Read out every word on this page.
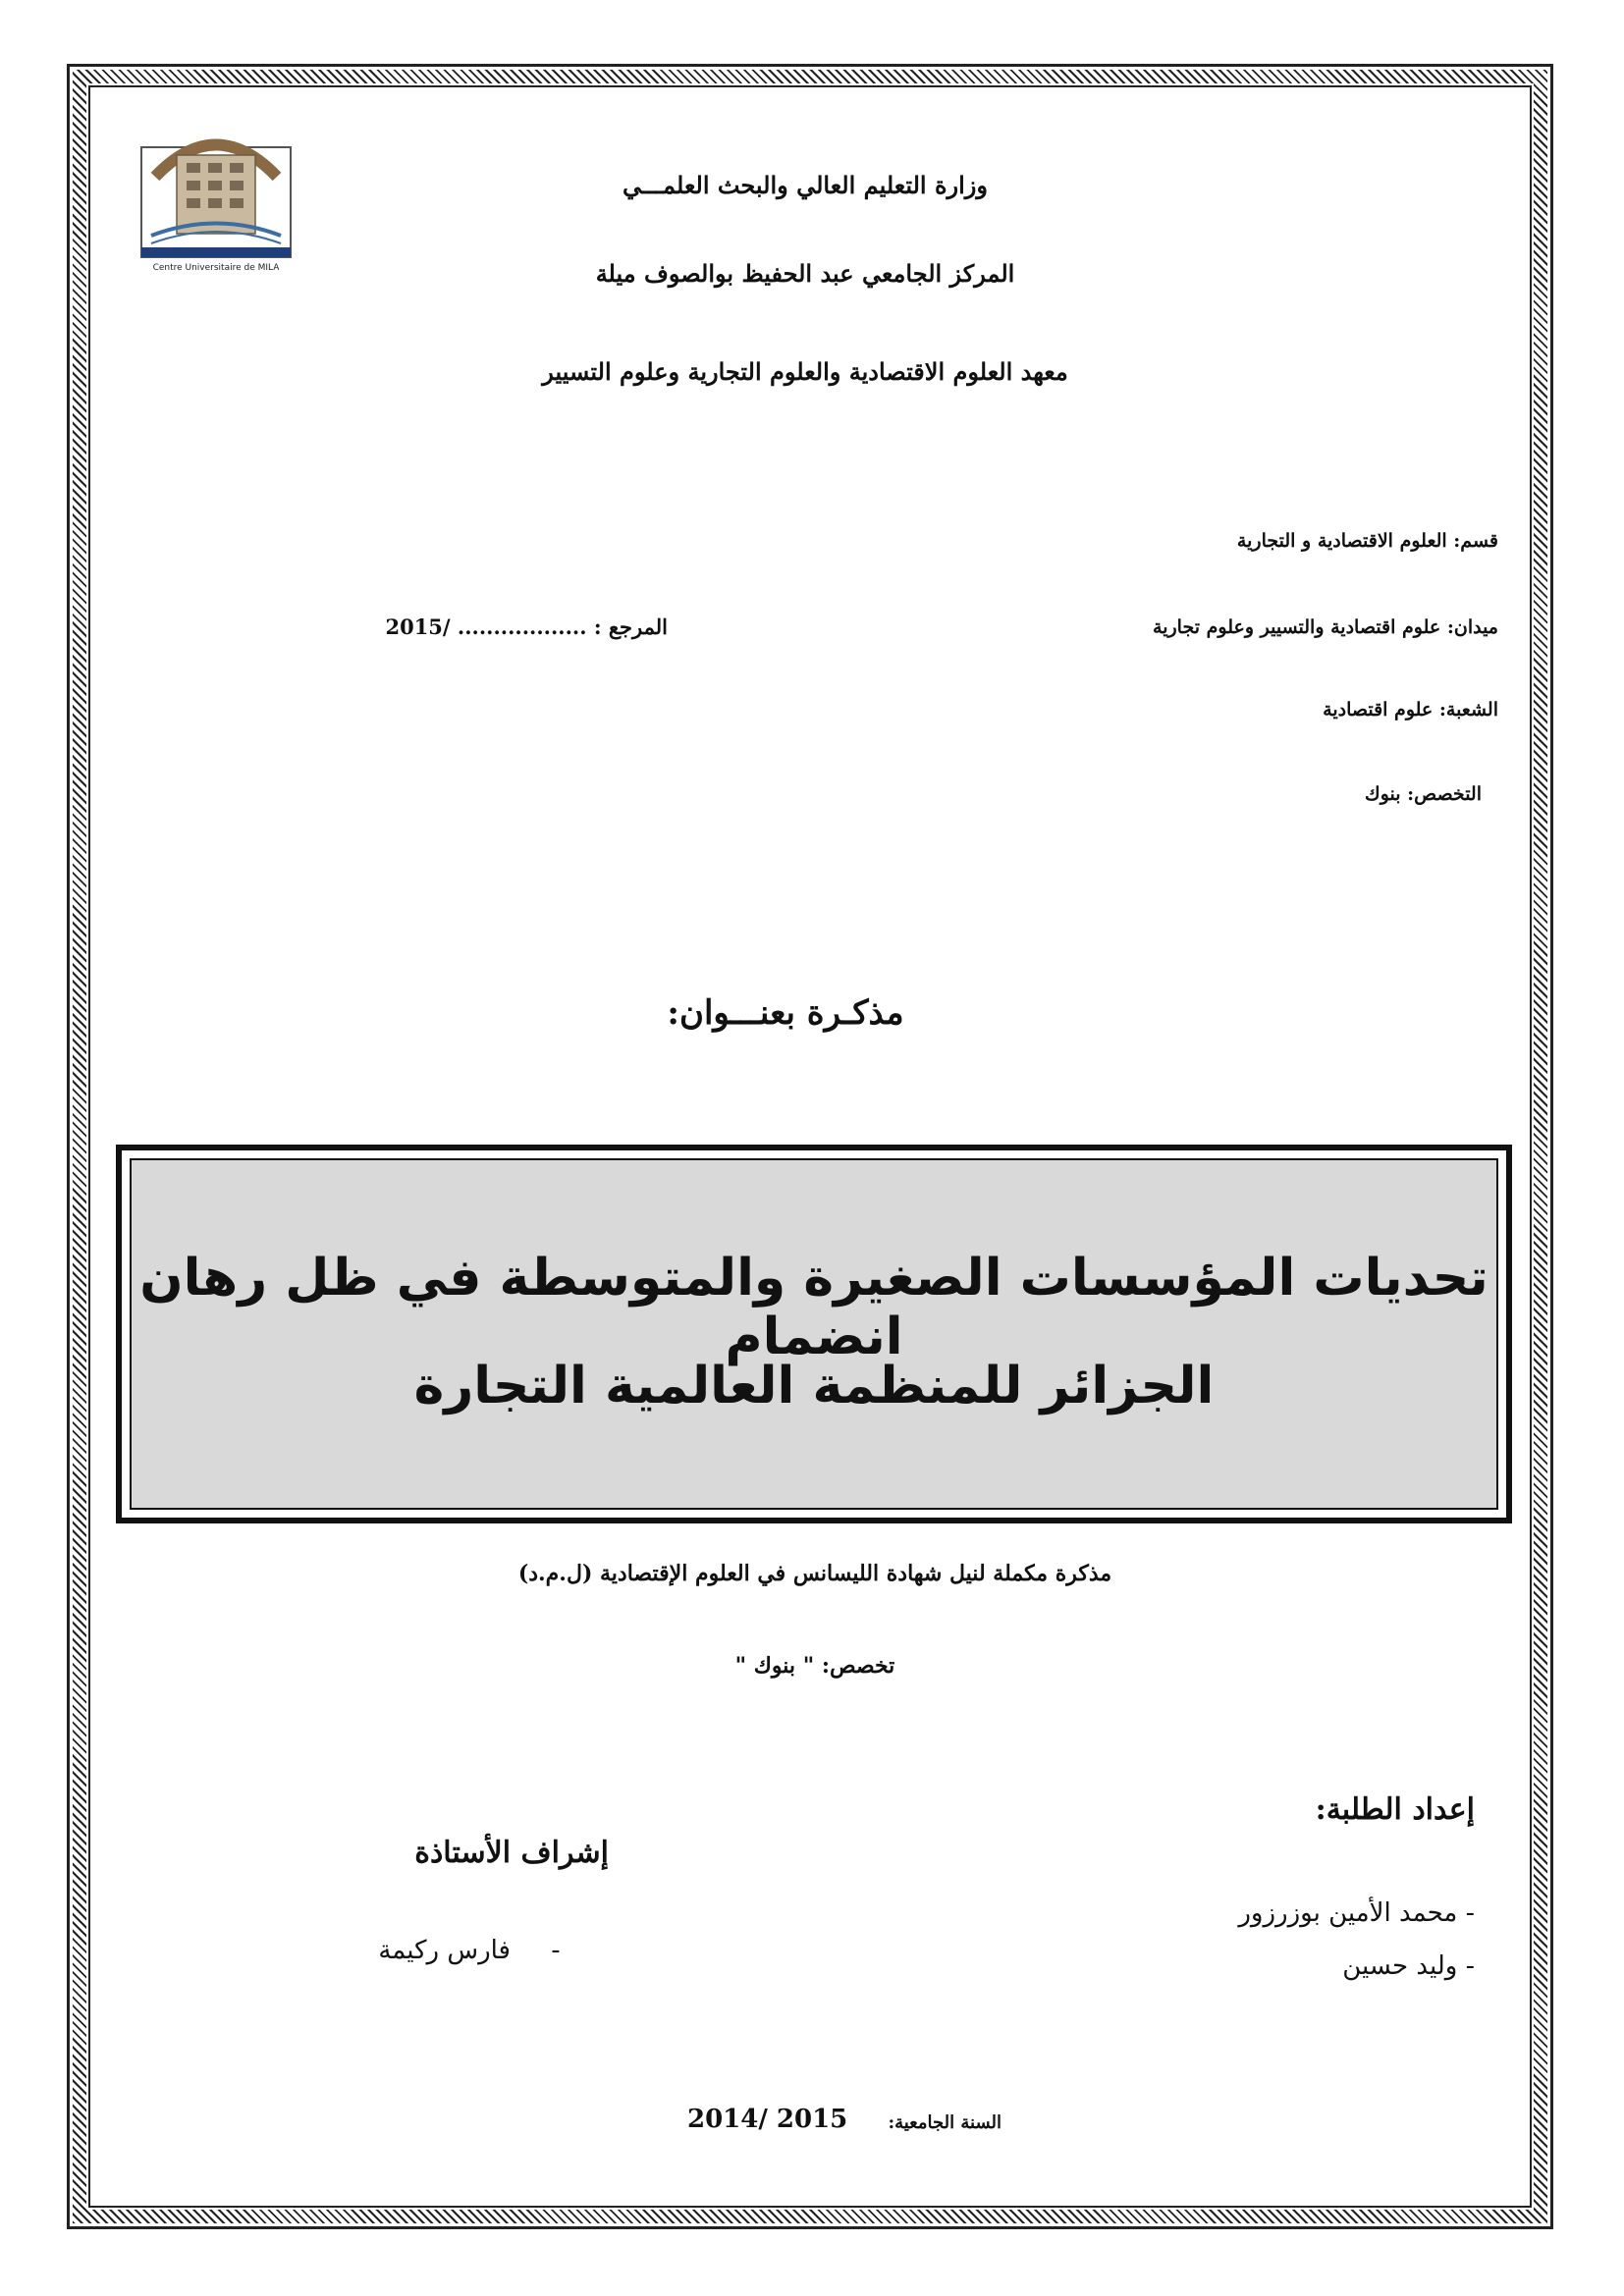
Centre Universitaire de MILA
وزارة التعليم العالي والبحث العلمـــي
المركز الجامعي عبد الحفيظ بوالصوف ميلة
معهد العلوم الاقتصادية والعلوم التجارية وعلوم التسيير
قسم: العلوم الاقتصادية و التجارية
ميدان: علوم اقتصادية والتسيير وعلوم تجارية
المرجع : .................. /2015
الشعبة: علوم اقتصادية
التخصص: بنوك
مذكـرة بعنـــوان:
تحديات المؤسسات الصغيرة والمتوسطة في ظل رهان انضمام
الجزائر للمنظمة العالمية التجارة
مذكرة مكملة لنيل شهادة الليسانس في العلوم الإقتصادية (ل.م.د)
تخصص: " بنوك "
إعداد الطلبة:
- محمد الأمين بوزرزور
- وليد حسين
إشراف الأستاذة
-
فارس ركيمة
السنة الجامعية:
2014/ 2015
